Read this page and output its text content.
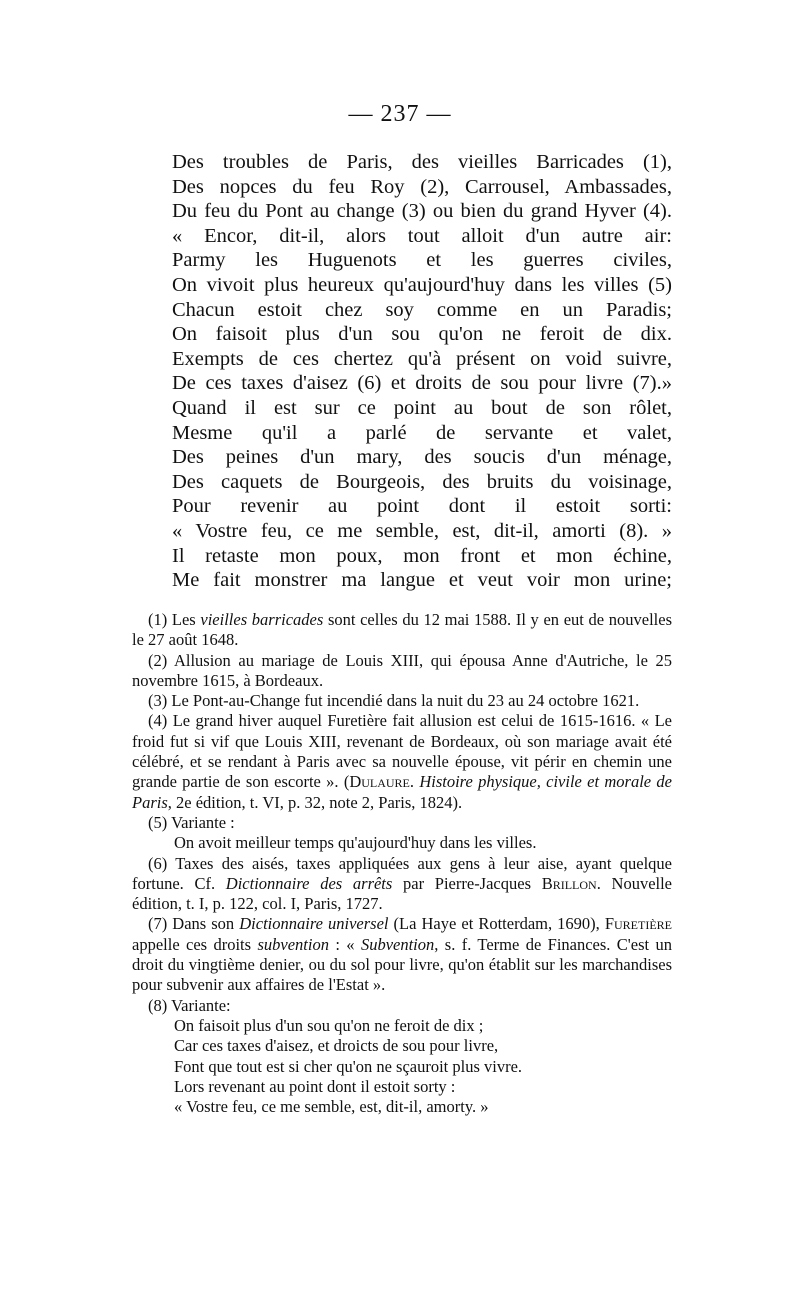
— 237 —
Des troubles de Paris, des vieilles Barricades (1),
Des nopces du feu Roy (2), Carrousel, Ambassades,
Du feu du Pont au change (3) ou bien du grand Hyver (4).
« Encor, dit-il, alors tout alloit d'un autre air:
Parmy les Huguenots et les guerres civiles,
On vivoit plus heureux qu'aujourd'huy dans les villes (5)
Chacun estoit chez soy comme en un Paradis;
On faisoit plus d'un sou qu'on ne feroit de dix.
Exempts de ces chertez qu'à présent on void suivre,
De ces taxes d'aisez (6) et droits de sou pour livre (7).»
Quand il est sur ce point au bout de son rôlet,
Mesme qu'il a parlé de servante et valet,
Des peines d'un mary, des soucis d'un ménage,
Des caquets de Bourgeois, des bruits du voisinage,
Pour revenir au point dont il estoit sorti:
« Vostre feu, ce me semble, est, dit-il, amorti (8). »
Il retaste mon poux, mon front et mon échine,
Me fait monstrer ma langue et veut voir mon urine;

(1) Les vieilles barricades sont celles du 12 mai 1588. Il y en eut de nouvelles le 27 août 1648.

(2) Allusion au mariage de Louis XIII, qui épousa Anne d'Autriche, le 25 novembre 1615, à Bordeaux.

(3) Le Pont-au-Change fut incendié dans la nuit du 23 au 24 octobre 1621.

(4) Le grand hiver auquel Furetière fait allusion est celui de 1615-1616. « Le froid fut si vif que Louis XIII, revenant de Bordeaux, où son mariage avait été célébré, et se rendant à Paris avec sa nouvelle épouse, vit périr en chemin une grande partie de son escorte ». (Dulaure. Histoire physique, civile et morale de Paris, 2e édition, t. VI, p. 32, note 2, Paris, 1824).

(5) Variante :

On avoit meilleur temps qu'aujourd'huy dans les villes.

(6) Taxes des aisés, taxes appliquées aux gens à leur aise, ayant quelque fortune. Cf. Dictionnaire des arrêts par Pierre-Jacques Brillon. Nouvelle édition, t. I, p. 122, col. I, Paris, 1727.

(7) Dans son Dictionnaire universel (La Haye et Rotterdam, 1690), Furetière appelle ces droits subvention : « Subvention, s. f. Terme de Finances. C'est un droit du vingtième denier, ou du sol pour livre, qu'on établit sur les marchandises pour subvenir aux affaires de l'Estat ».

(8) Variante:

On faisoit plus d'un sou qu'on ne feroit de dix ;
Car ces taxes d'aisez, et droicts de sou pour livre,
Font que tout est si cher qu'on ne sçauroit plus vivre.
Lors revenant au point dont il estoit sorty :
« Vostre feu, ce me semble, est, dit-il, amorty. »
